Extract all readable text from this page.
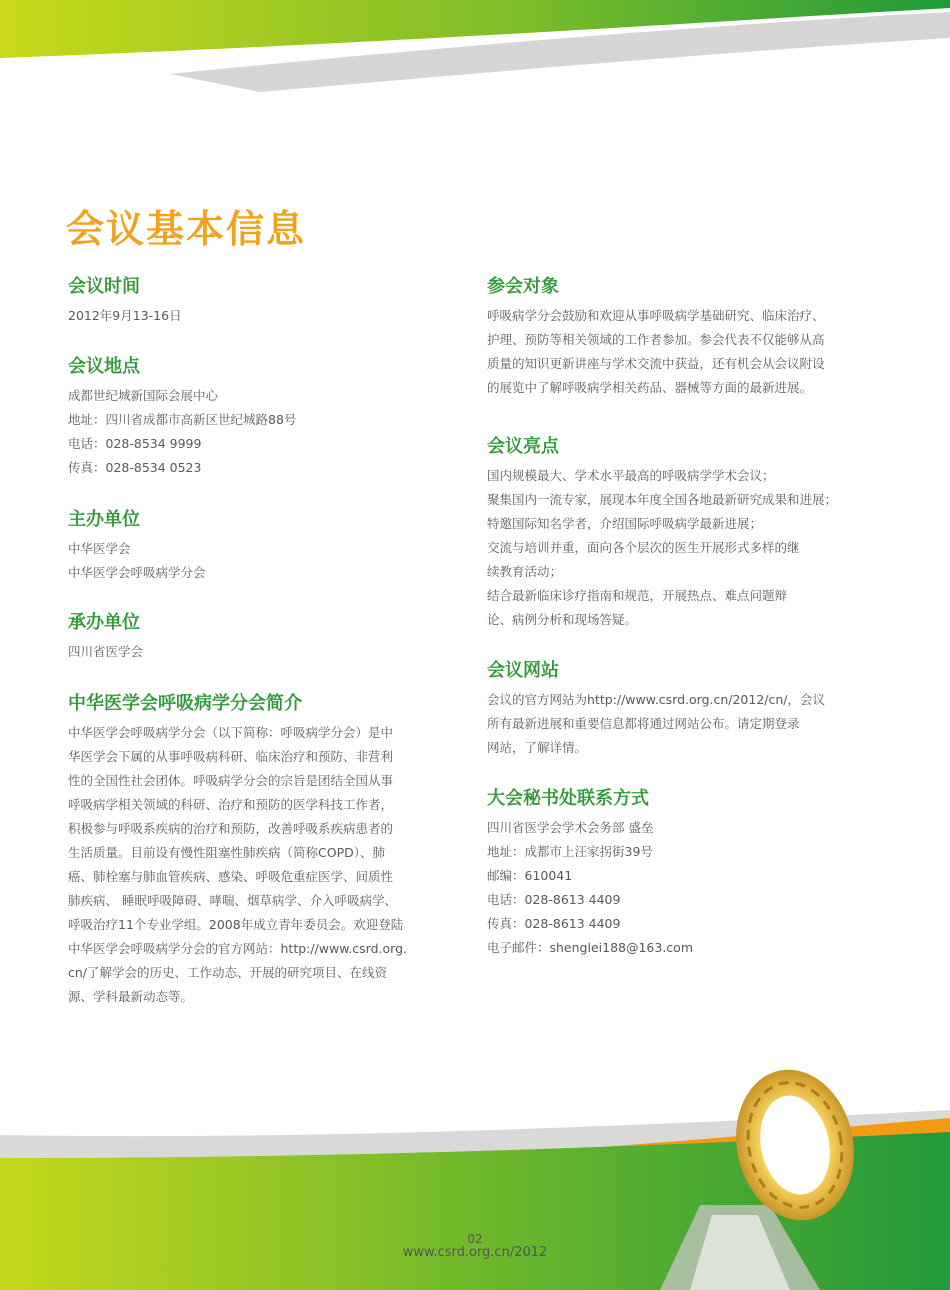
会议基本信息
会议时间

2012年9月13-16日

会议地点

成都世纪城新国际会展中心

地址：四川省成都市高新区世纪城路88号

电话：028-8534 9999

传真：028-8534 0523

主办单位

中华医学会

中华医学会呼吸病学分会

承办单位

四川省医学会

中华医学会呼吸病学分会简介

中华医学会呼吸病学分会（以下简称：呼吸病学分会）是中

华医学会下属的从事呼吸病科研、临床治疗和预防、非营利

性的全国性社会团体。呼吸病学分会的宗旨是团结全国从事

呼吸病学相关领域的科研、治疗和预防的医学科技工作者，

积极参与呼吸系疾病的治疗和预防，改善呼吸系疾病患者的

生活质量。目前设有慢性阻塞性肺疾病（简称COPD）、肺

癌、肺栓塞与肺血管疾病、感染、呼吸危重症医学、间质性

肺疾病、 睡眠呼吸障碍、哮喘、烟草病学、介入呼吸病学、

呼吸治疗11个专业学组。2008年成立青年委员会。欢迎登陆

中华医学会呼吸病学分会的官方网站：http://www.csrd.org.

cn/了解学会的历史、工作动态、开展的研究项目、在线资

源、学科最新动态等。

参会对象

呼吸病学分会鼓励和欢迎从事呼吸病学基础研究、临床治疗、

护理、预防等相关领域的工作者参加。参会代表不仅能够从高

质量的知识更新讲座与学术交流中获益，还有机会从会议附设

的展览中了解呼吸病学相关药品、器械等方面的最新进展。

会议亮点

国内规模最大、学术水平最高的呼吸病学学术会议；

聚集国内一流专家，展现本年度全国各地最新研究成果和进展；

特邀国际知名学者，介绍国际呼吸病学最新进展；

交流与培训并重，面向各个层次的医生开展形式多样的继

续教育活动；

结合最新临床诊疗指南和规范，开展热点、难点问题辩

论、病例分析和现场答疑。

会议网站

会议的官方网站为http://www.csrd.org.cn/2012/cn/，会议

所有最新进展和重要信息都将通过网站公布。请定期登录

网站，了解详情。

大会秘书处联系方式

四川省医学会学术会务部 盛垒

地址：成都市上汪家拐街39号

邮编：610041

电话：028-8613 4409

传真：028-8613 4409

电子邮件：shenglei188@163.com

02
www.csrd.org.cn/2012
